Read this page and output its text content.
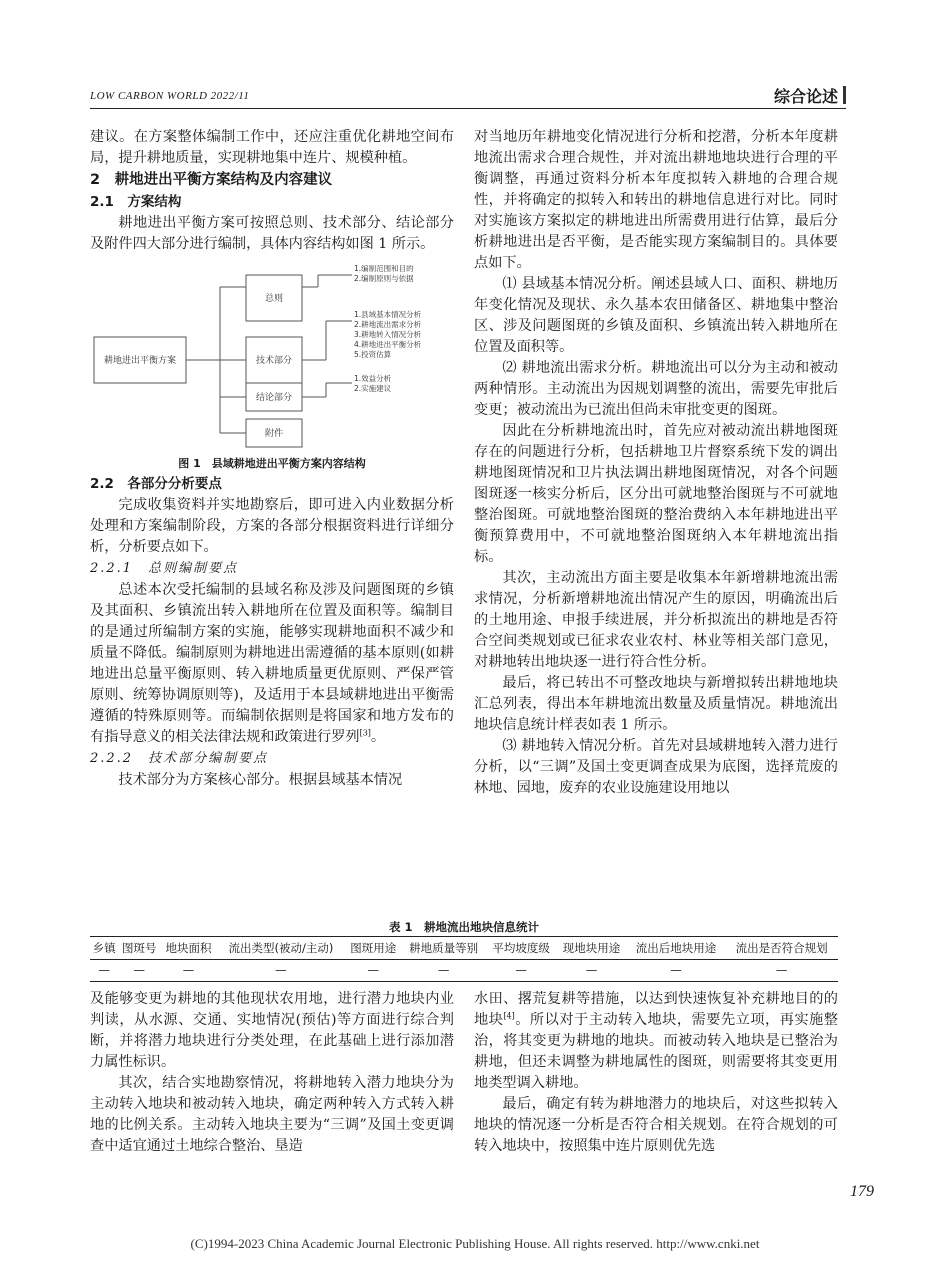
LOW CARBON WORLD 2022/11	综合论述

建议。在方案整体编制工作中，还应注重优化耕地空间布局，提升耕地质量，实现耕地集中连片、规模种植。

2　耕地进出平衡方案结构及内容建议

2.1　方案结构

耕地进出平衡方案可按照总则、技术部分、结论部分及附件四大部分进行编制，具体内容结构如图 1 所示。

耕地进出平衡方案
总则
技术部分
结论部分
附件
1.编制范围和目的
2.编制原则与依据
1.县域基本情况分析
2.耕地流出需求分析
3.耕地转入情况分析
4.耕地进出平衡分析
5.投资估算
1.效益分析
2.实施建议

图 1　县域耕地进出平衡方案内容结构

2.2　各部分分析要点

完成收集资料并实地勘察后，即可进入内业数据分析处理和方案编制阶段，方案的各部分根据资料进行详细分析，分析要点如下。

2.2.1　总则编制要点

总述本次受托编制的县域名称及涉及问题图斑的乡镇及其面积、乡镇流出转入耕地所在位置及面积等。编制目的是通过所编制方案的实施，能够实现耕地面积不减少和质量不降低。编制原则为耕地进出需遵循的基本原则(如耕地进出总量平衡原则、转入耕地质量更优原则、严保严管原则、统筹协调原则等)，及适用于本县域耕地进出平衡需遵循的特殊原则等。而编制依据则是将国家和地方发布的有指导意义的相关法律法规和政策进行罗列[3]。

2.2.2　技术部分编制要点

技术部分为方案核心部分。根据县域基本情况

对当地历年耕地变化情况进行分析和挖潜，分析本年度耕地流出需求合理合规性，并对流出耕地地块进行合理的平衡调整，再通过资料分析本年度拟转入耕地的合理合规性，并将确定的拟转入和转出的耕地信息进行对比。同时对实施该方案拟定的耕地进出所需费用进行估算，最后分析耕地进出是否平衡，是否能实现方案编制目的。具体要点如下。

⑴ 县域基本情况分析。阐述县域人口、面积、耕地历年变化情况及现状、永久基本农田储备区、耕地集中整治区、涉及问题图斑的乡镇及面积、乡镇流出转入耕地所在位置及面积等。

⑵ 耕地流出需求分析。耕地流出可以分为主动和被动两种情形。主动流出为因规划调整的流出，需要先审批后变更；被动流出为已流出但尚未审批变更的图斑。

因此在分析耕地流出时，首先应对被动流出耕地图斑存在的问题进行分析，包括耕地卫片督察系统下发的调出耕地图斑情况和卫片执法调出耕地图斑情况，对各个问题图斑逐一核实分析后，区分出可就地整治图斑与不可就地整治图斑。可就地整治图斑的整治费纳入本年耕地进出平衡预算费用中，不可就地整治图斑纳入本年耕地流出指标。

其次，主动流出方面主要是收集本年新增耕地流出需求情况，分析新增耕地流出情况产生的原因，明确流出后的土地用途、申报手续进展，并分析拟流出的耕地是否符合空间类规划或已征求农业农村、林业等相关部门意见，对耕地转出地块逐一进行符合性分析。

最后，将已转出不可整改地块与新增拟转出耕地地块汇总列表，得出本年耕地流出数量及质量情况。耕地流出地块信息统计样表如表 1 所示。

⑶ 耕地转入情况分析。首先对县域耕地转入潜力进行分析，以“三调”及国土变更调查成果为底图，选择荒废的林地、园地，废弃的农业设施建设用地以

表 1　耕地流出地块信息统计
乡镇	图斑号	地块面积	流出类型(被动/主动)	图斑用途	耕地质量等别	平均坡度级	现地块用途	流出后地块用途	流出是否符合规划
—	—	—	—	—	—	—	—	—	—

及能够变更为耕地的其他现状农用地，进行潜力地块内业判读，从水源、交通、实地情况(预估)等方面进行综合判断，并将潜力地块进行分类处理，在此基础上进行添加潜力属性标识。

其次，结合实地勘察情况，将耕地转入潜力地块分为主动转入地块和被动转入地块，确定两种转入方式转入耕地的比例关系。主动转入地块主要为“三调”及国土变更调查中适宜通过土地综合整治、垦造

水田、撂荒复耕等措施，以达到快速恢复补充耕地目的的地块[4]。所以对于主动转入地块，需要先立项，再实施整治，将其变更为耕地的地块。而被动转入地块是已整治为耕地，但还未调整为耕地属性的图斑，则需要将其变更用地类型调入耕地。

最后，确定有转为耕地潜力的地块后，对这些拟转入地块的情况逐一分析是否符合相关规划。在符合规划的可转入地块中，按照集中连片原则优先选

179
(C)1994-2023 China Academic Journal Electronic Publishing House. All rights reserved. http://www.cnki.net
